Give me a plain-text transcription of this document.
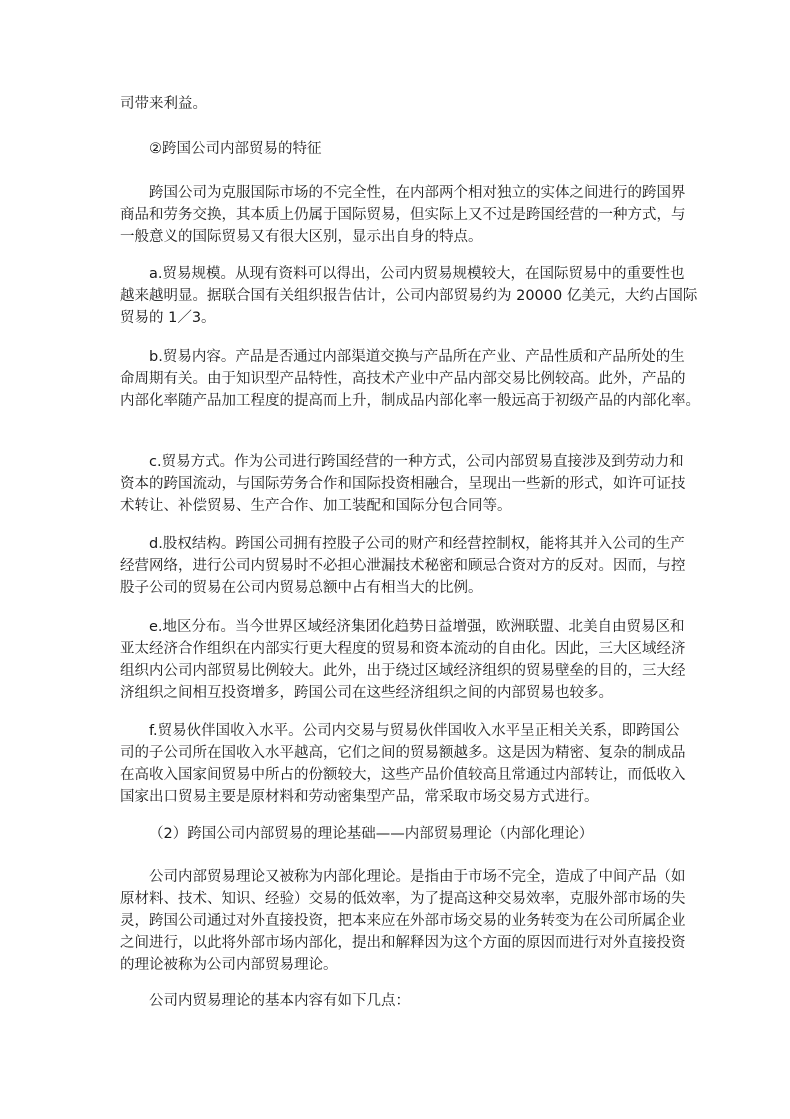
司带来利益。
②跨国公司内部贸易的特征
跨国公司为克服国际市场的不完全性，在内部两个相对独立的实体之间进行的跨国界
商品和劳务交换，其本质上仍属于国际贸易，但实际上又不过是跨国经营的一种方式，与
一般意义的国际贸易又有很大区别，显示出自身的特点。
a.贸易规模。从现有资料可以得出，公司内贸易规模较大，在国际贸易中的重要性也
越来越明显。据联合国有关组织报告估计，公司内部贸易约为 20000 亿美元，大约占国际
贸易的 1／3。
b.贸易内容。产品是否通过内部渠道交换与产品所在产业、产品性质和产品所处的生
命周期有关。由于知识型产品特性，高技术产业中产品内部交易比例较高。此外，产品的
内部化率随产品加工程度的提高而上升，制成品内部化率一般远高于初级产品的内部化率。
c.贸易方式。作为公司进行跨国经营的一种方式，公司内部贸易直接涉及到劳动力和
资本的跨国流动，与国际劳务合作和国际投资相融合，呈现出一些新的形式，如许可证技
术转让、补偿贸易、生产合作、加工装配和国际分包合同等。
d.股权结构。跨国公司拥有控股子公司的财产和经营控制权，能将其并入公司的生产
经营网络，进行公司内贸易时不必担心泄漏技术秘密和顾忌合资对方的反对。因而，与控
股子公司的贸易在公司内贸易总额中占有相当大的比例。
e.地区分布。当今世界区域经济集团化趋势日益增强，欧洲联盟、北美自由贸易区和
亚太经济合作组织在内部实行更大程度的贸易和资本流动的自由化。因此，三大区域经济
组织内公司内部贸易比例较大。此外，出于绕过区域经济组织的贸易壁垒的目的，三大经
济组织之间相互投资增多，跨国公司在这些经济组织之间的内部贸易也较多。
f.贸易伙伴国收入水平。公司内交易与贸易伙伴国收入水平呈正相关关系，即跨国公
司的子公司所在国收入水平越高，它们之间的贸易额越多。这是因为精密、复杂的制成品
在高收入国家间贸易中所占的份额较大，这些产品价值较高且常通过内部转让，而低收入
国家出口贸易主要是原材料和劳动密集型产品，常采取市场交易方式进行。
（2）跨国公司内部贸易的理论基础——内部贸易理论（内部化理论）
公司内部贸易理论又被称为内部化理论。是指由于市场不完全，造成了中间产品（如
原材料、技术、知识、经验）交易的低效率，为了提高这种交易效率，克服外部市场的失
灵，跨国公司通过对外直接投资，把本来应在外部市场交易的业务转变为在公司所属企业
之间进行，以此将外部市场内部化，提出和解释因为这个方面的原因而进行对外直接投资
的理论被称为公司内部贸易理论。
公司内贸易理论的基本内容有如下几点：
